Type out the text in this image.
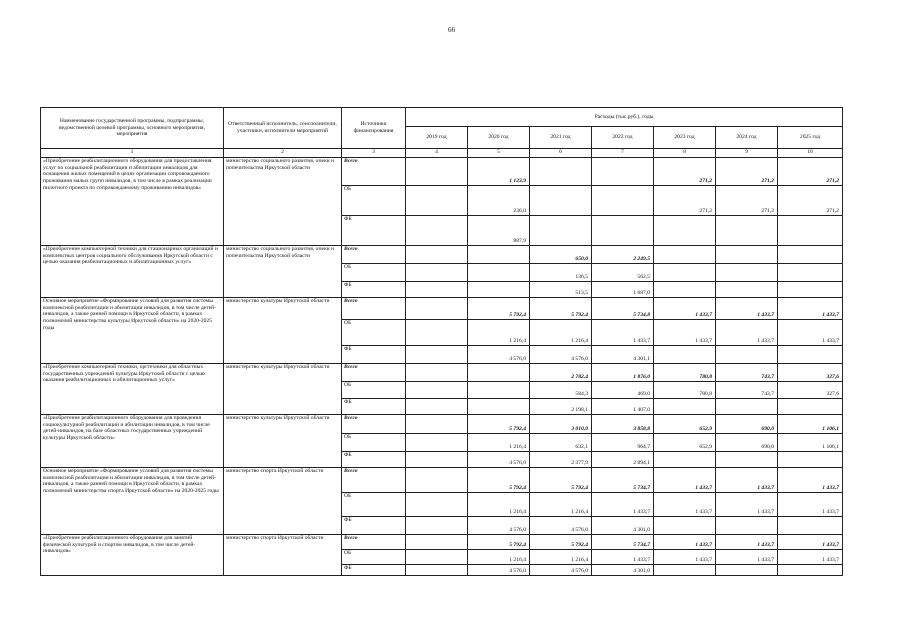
66
Наименование государственной программы, подпрограммы, ведомственной целевой программы, основного мероприятия, мероприятия	Ответственный исполнитель, соисполнители, участники, исполнители мероприятий	Источники финансирования	Расходы (тыс.руб.), годы						
			2019 год	2020 год	2021 год	2022 год	2023 год	2024 год	2025 год
1	2	3	4	5	6	7	8	9	10
«Приобретение реабилитационного оборудования для предоставления услуг по социальной реабилитации и абилитации инвалидов для оснащения жилых помещений в целях организации сопровождаемого проживания малых групп инвалидов, в том числе в рамках реализации пилотного проекта по сопровождаемому проживанию инвалидов»	министерство социального развития, опеки и попечительства Иркутской области	Всего		1 123,9			271,2	271,2	271,2
		ОБ		236,0			271,2	271,2	271,2
		ФБ		887,9					
«Приобретение компьютерной техники для стационарных организаций и комплексных центров социального обслуживания Иркутской области с целью оказания реабилитационных и абилитационных услуг»	министерство социального развития, опеки и попечительства Иркутской области	Всего			650,0	2 249,5			
		ОБ			136,5	562,5			
		ФБ			513,5	1 687,0			
Основное мероприятие «Формирование условий для развития системы комплексной реабилитации и абилитации инвалидов, в том числе детей-инвалидов, а также ранней помощи в Иркутской области, в рамках полномочий министерства культуры Иркутской области» на 2020-2025 годы	министерство культуры Иркутской области	Всего		5 792,4	5 792,4	5 734,8	1 433,7	1 433,7	1 433,7
		ОБ		1 216,4	1 216,4	1 433,7	1 433,7	1 433,7	1 433,7
		ФБ		4 576,0	4 576,0	4 301,1			
«Приобретение компьютерной техники, оргтехники для областных государственных учреждений культуры Иркутской области с целью оказания реабилитационных и абилитационных услуг»	министерство культуры Иркутской области	Всего			2 782,4	1 876,0	780,8	743,7	327,6
		ОБ			584,3	469,0	780,8	743,7	327,6
		ФБ			2 198,1	1 407,0			
«Приобретение реабилитационного оборудования для проведения социокультурной реабилитации и абилитации инвалидов, в том числе детей-инвалидов, на базе областных государственных учреждений культуры Иркутской области»	министерство культуры Иркутской области	Всего		5 792,4	3 010,0	3 858,8	652,9	690,0	1 106,1
		ОБ		1 216,4	632,1	964,7	652,9	690,0	1 106,1
		ФБ		4 576,0	2 377,9	2 894,1			
Основное мероприятие «Формирование условий для развития системы комплексной реабилитации и абилитации инвалидов, в том числе детей-инвалидов, а также ранней помощи в Иркутской области, в рамках полномочий министерства спорта Иркутской области» на 2020-2025 годы	министерство спорта Иркутской области	Всего		5 792,4	5 792,4	5 734,7	1 433,7	1 433,7	1 433,7
		ОБ		1 216,4	1 216,4	1 433,7	1 433,7	1 433,7	1 433,7
		ФБ		4 576,0	4 576,0	4 301,0			
«Приобретение реабилитационного оборудования для занятий физической культурой и спортом инвалидов, в том числе детей-инвалидов»	министерство спорта Иркутской области	Всего		5 792,4	5 792,4	5 734,7	1 433,7	1 433,7	1 433,7
		ОБ		1 216,4	1 216,4	1 433,7	1 433,7	1 433,7	1 433,7
		ФБ		4 576,0	4 576,0	4 301,0			
